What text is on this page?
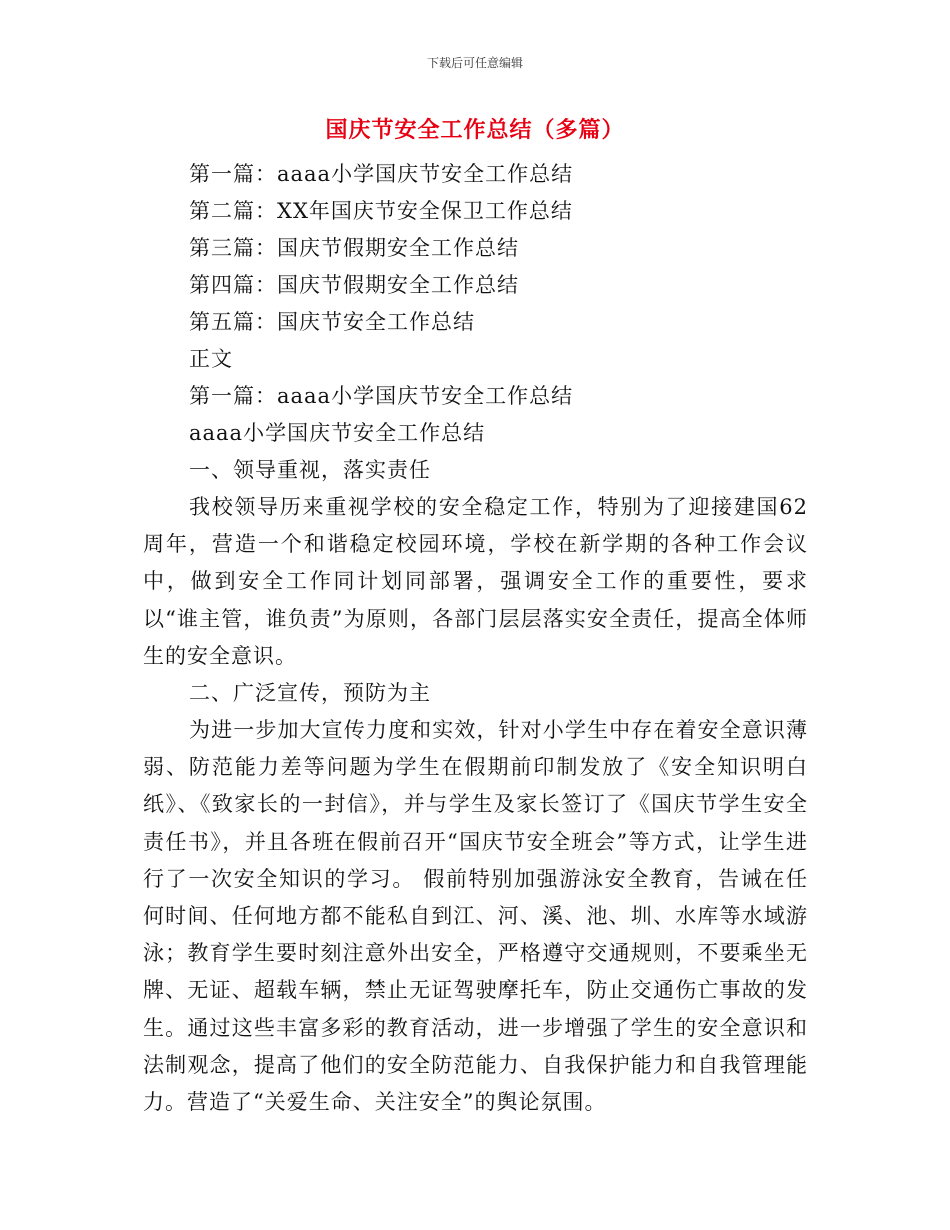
下载后可任意编辑
国庆节安全工作总结（多篇）
第一篇：aaaa小学国庆节安全工作总结
第二篇：XX年国庆节安全保卫工作总结
第三篇：国庆节假期安全工作总结
第四篇：国庆节假期安全工作总结
第五篇：国庆节安全工作总结
正文
第一篇：aaaa小学国庆节安全工作总结
aaaa小学国庆节安全工作总结
一、领导重视，落实责任

我校领导历来重视学校的安全稳定工作，特别为了迎接建国62周年，营造一个和谐稳定校园环境，学校在新学期的各种工作会议中，做到安全工作同计划同部署，强调安全工作的重要性，要求以“谁主管，谁负责”为原则，各部门层层落实安全责任，提高全体师生的安全意识。

二、广泛宣传，预防为主

为进一步加大宣传力度和实效，针对小学生中存在着安全意识薄弱、防范能力差等问题为学生在假期前印制发放了《安全知识明白纸》、《致家长的一封信》，并与学生及家长签订了《国庆节学生安全责任书》，并且各班在假前召开“国庆节安全班会”等方式，让学生进行了一次安全知识的学习。 假前特别加强游泳安全教育，告诫在任何时间、任何地方都不能私自到江、河、溪、池、圳、水库等水域游泳；教育学生要时刻注意外出安全，严格遵守交通规则，不要乘坐无牌、无证、超载车辆，禁止无证驾驶摩托车，防止交通伤亡事故的发生。通过这些丰富多彩的教育活动，进一步增强了学生的安全意识和法制观念，提高了他们的安全防范能力、自我保护能力和自我管理能力。营造了“关爱生命、关注安全”的舆论氛围。
